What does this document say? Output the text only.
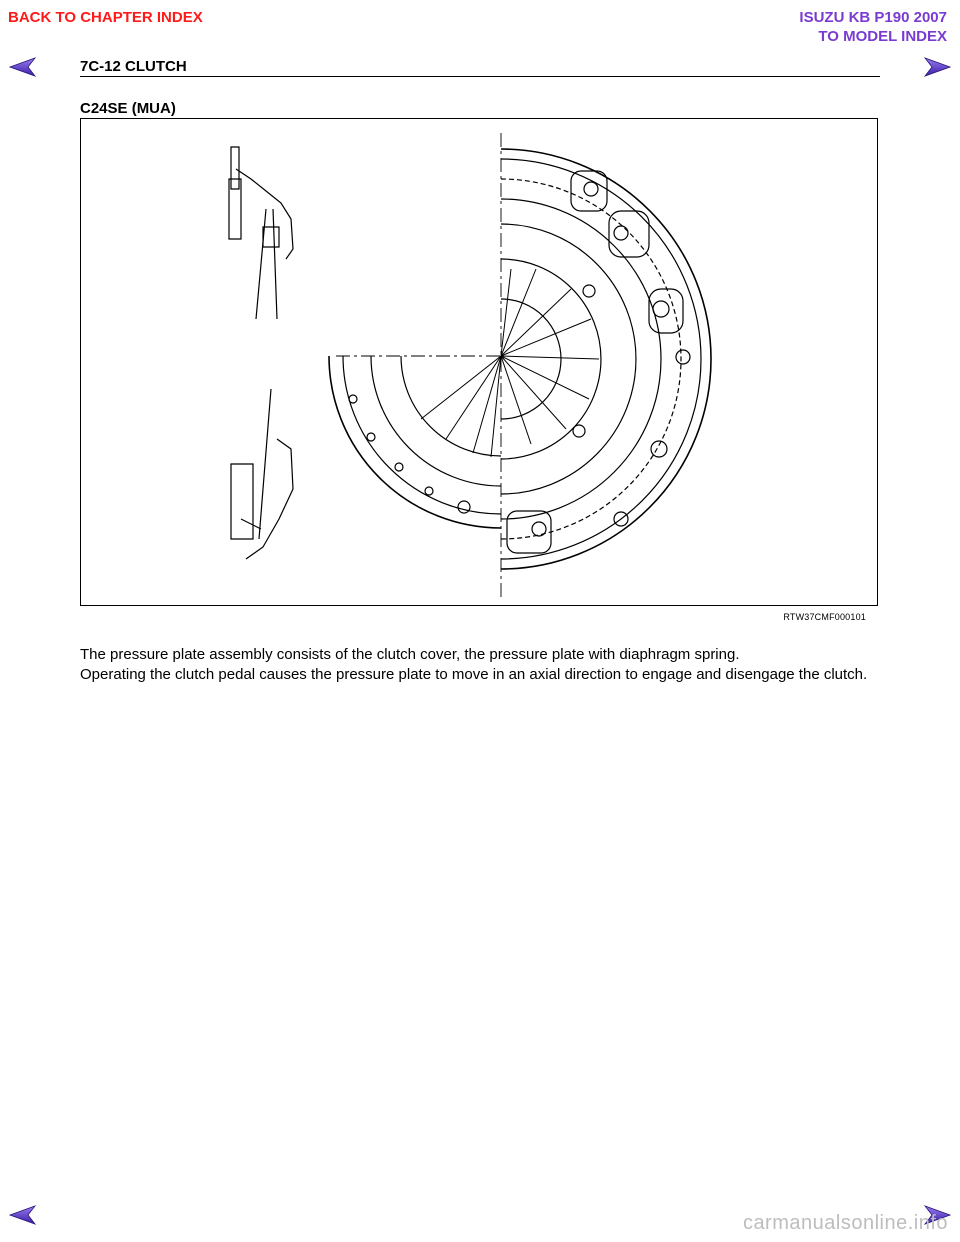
BACK TO CHAPTER INDEX	ISUZU KB P190 2007
TO MODEL INDEX
7C-12 CLUTCH
C24SE (MUA)
RTW37CMF000101
The pressure plate assembly consists of the clutch cover, the pressure plate with diaphragm spring.
Operating the clutch pedal causes the pressure plate to move in an axial direction to engage and disengage the clutch.
carmanualsonline.info
